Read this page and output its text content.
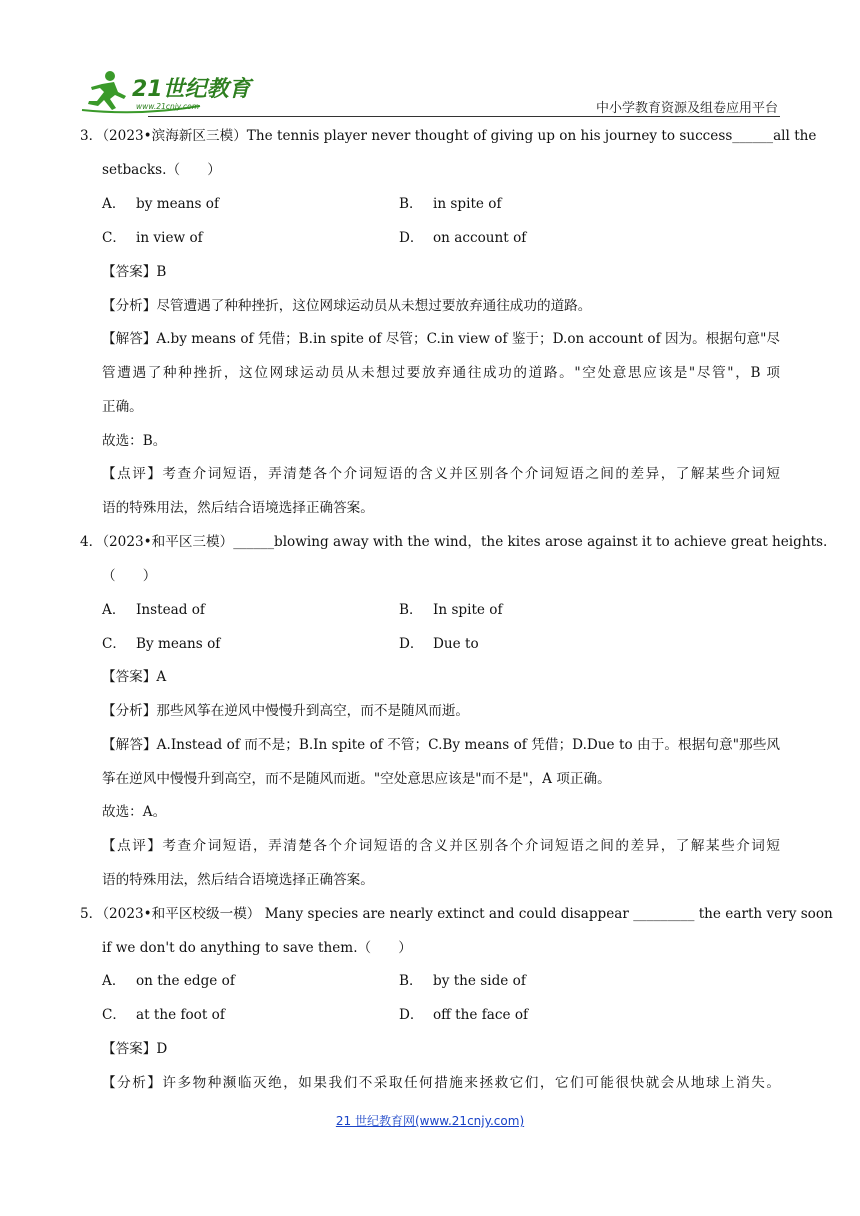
21世纪教育
www.21cnjy.com	中小学教育资源及组卷应用平台
3．（2023•滨海新区三模）The tennis player never thought of giving up on his journey to success______all the
setbacks.（　　）
A． by means of	B． in spite of
C． in view of	D． on account of
【答案】B
【分析】尽管遭遇了种种挫折，这位网球运动员从未想过要放弃通往成功的道路。
【解答】A.by means of 凭借；B.in spite of 尽管；C.in view of 鉴于；D.on account of 因为。根据句意"尽
管遭遇了种种挫折，这位网球运动员从未想过要放弃通往成功的道路。"空处意思应该是"尽管"，B 项
正确。
故选：B。
【点评】考查介词短语，弄清楚各个介词短语的含义并区别各个介词短语之间的差异，了解某些介词短
语的特殊用法，然后结合语境选择正确答案。
4．（2023•和平区三模）______blowing away with the wind，the kites arose against it to achieve great heights.
（　　）
A． Instead of	B． In spite of
C． By means of	D． Due to
【答案】A
【分析】那些风筝在逆风中慢慢升到高空，而不是随风而逝。
【解答】A.Instead of 而不是；B.In spite of 不管；C.By means of 凭借；D.Due to 由于。根据句意"那些风
筝在逆风中慢慢升到高空，而不是随风而逝。"空处意思应该是"而不是"，A 项正确。
故选：A。
【点评】考查介词短语，弄清楚各个介词短语的含义并区别各个介词短语之间的差异，了解某些介词短
语的特殊用法，然后结合语境选择正确答案。
5．（2023•和平区校级一模） Many species are nearly extinct and could disappear _________ the earth very soon
if we don't do anything to save them.（　　）
A． on the edge of	B． by the side of
C． at the foot of	D． off the face of
【答案】D
【分析】许多物种濒临灭绝，如果我们不采取任何措施来拯救它们，它们可能很快就会从地球上消失。
21 世纪教育网(www.21cnjy.com)
